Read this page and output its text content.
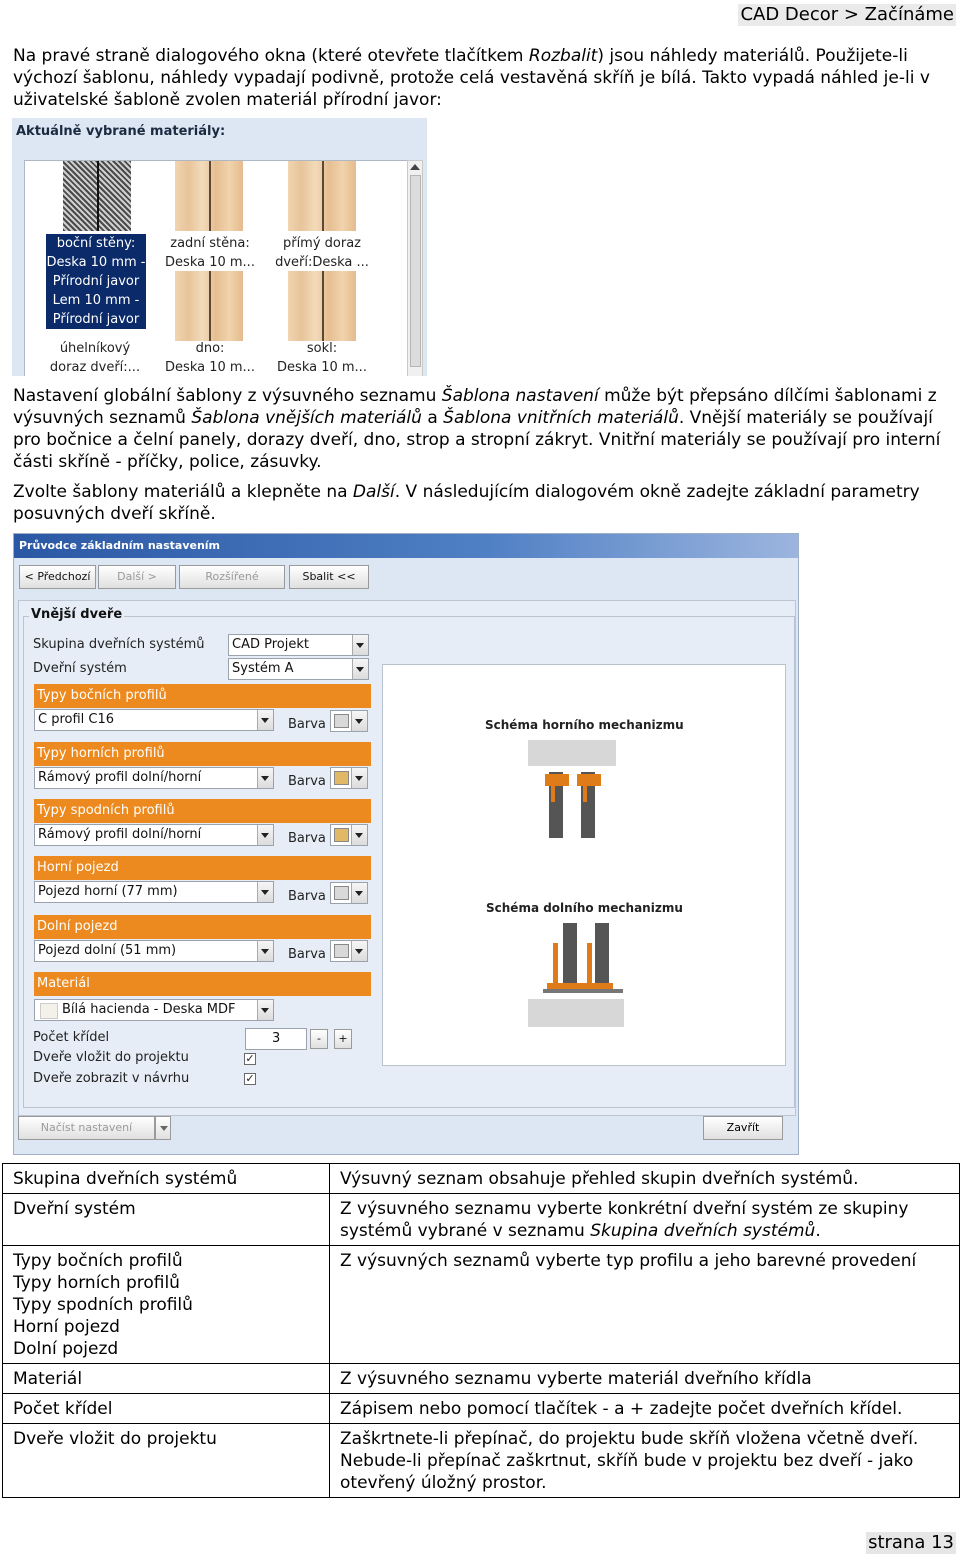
CAD Decor > Začínáme
Na pravé straně dialogového okna (které otevřete tlačítkem Rozbalit) jsou náhledy materiálů. Použijete-li výchozí šablonu, náhledy vypadají podivně, protože celá vestavěná skříň je bílá. Takto vypadá náhled je-li v uživatelské šabloně zvolen materiál přírodní javor:
Aktuálně vybrané materiály:
boční stěny:
Deska 10 mm -
Přírodní javor
Lem 10 mm -
Přírodní javor
zadní stěna:
Deska 10 m...
přímý doraz
dveří:Deska ...
úhelníkový
doraz dveří:...
dno:
Deska 10 m...
sokl:
Deska 10 m...
Nastavení globální šablony z výsuvného seznamu Šablona nastavení může být přepsáno dílčími šablonami z výsuvných seznamů Šablona vnějších materiálů a Šablona vnitřních materiálů. Vnější materiály se používají pro bočnice a čelní panely, dorazy dveří, dno, strop a stropní zákryt. Vnitřní materiály se používají pro interní části skříně - příčky, police, zásuvky.
Zvolte šablony materiálů a klepněte na Další. V následujícím dialogovém okně zadejte základní parametry posuvných dveří skříně.
Průvodce základním nastavením
< Předchozí	Další >	Rozšířené	Sbalit <<
Vnější dveře
Skupina dveřních systémů	CAD Projekt
Dveřní systém	Systém A
Typy bočních profilů
C profil C16	Barva
Typy horních profilů
Rámový profil dolní/horní	Barva
Typy spodních profilů
Rámový profil dolní/horní	Barva
Horní pojezd
Pojezd horní (77 mm)	Barva
Dolní pojezd
Pojezd dolní (51 mm)	Barva
Materiál
Bílá hacienda - Deska MDF
Počet křídel	3	-	+
Dveře vložit do projektu	✓
Dveře zobrazit v návrhu	✓
Schéma horního mechanizmu
Schéma dolního mechanizmu
Načíst nastavení	Zavřít
Skupina dveřních systémů	Výsuvný seznam obsahuje přehled skupin dveřních systémů.

Dveřní systém	Z výsuvného seznamu vyberte konkrétní dveřní systém ze skupiny systémů vybrané v seznamu Skupina dveřních systémů.

Typy bočních profilů
Typy horních profilů
Typy spodních profilů
Horní pojezd
Dolní pojezd	Z výsuvných seznamů vyberte typ profilu a jeho barevné provedení

Materiál	Z výsuvného seznamu vyberte materiál dveřního křídla

Počet křídel	Zápisem nebo pomocí tlačítek - a + zadejte počet dveřních křídel.

Dveře vložit do projektu	Zaškrtnete-li přepínač, do projektu bude skříň vložena včetně dveří. Nebude-li přepínač zaškrtnut, skříň bude v projektu bez dveří - jako otevřený úložný prostor.
strana 13
